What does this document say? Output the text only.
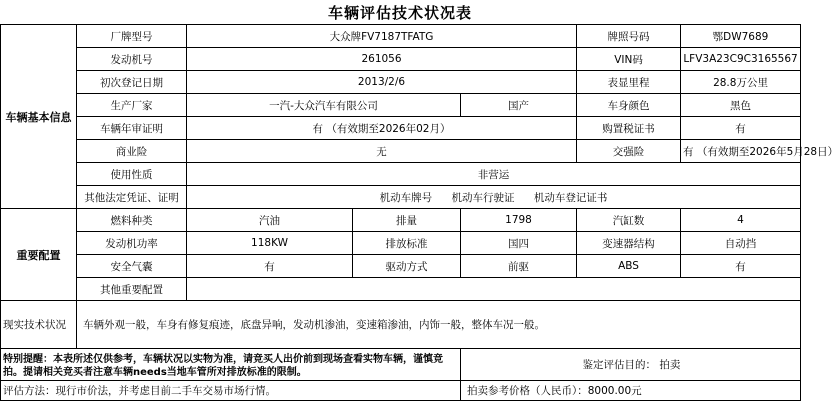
车辆评估技术状况表
车辆基本信息	厂牌型号	大众牌FV7187TFATG			牌照号码	鄂DW7689
	发动机号	261056			VIN码	LFV3A23C9C3165567
	初次登记日期	2013/2/6			表显里程	28.8万公里
	生产厂家	一汽-大众汽车有限公司		国产	车身颜色	黑色
	车辆年审证明	有 （有效期至2026年02月）			购置税证书	有
	商业险	无			交强险	有 （有效期至2026年5月28日）
	使用性质	非营运				
	其他法定凭证、证明	机动车牌号 机动车行驶证 机动车登记证书				
重要配置	燃料种类	汽油	排量	1798	汽缸数	4
	发动机功率	118KW	排放标准	国四	变速器结构	自动挡
	安全气囊	有	驱动方式	前驱	ABS	有
	其他重要配置					
现实技术状况	车辆外观一般，车身有修复痕迹，底盘异响，发动机渗油，变速箱渗油，内饰一般，整体车况一般。					
特别提醒：本表所述仅供参考，车辆状况以实物为准，请竞买人出价前到现场查看实物车辆，谨慎竞拍。提请相关竞买者注意车辆needs当地车管所对排放标准的限制。					鉴定评估目的： 拍卖	
评估方法：现行市价法，并考虑目前二手车交易市场行情。				拍卖参考价格（人民币）：8000.00元		
